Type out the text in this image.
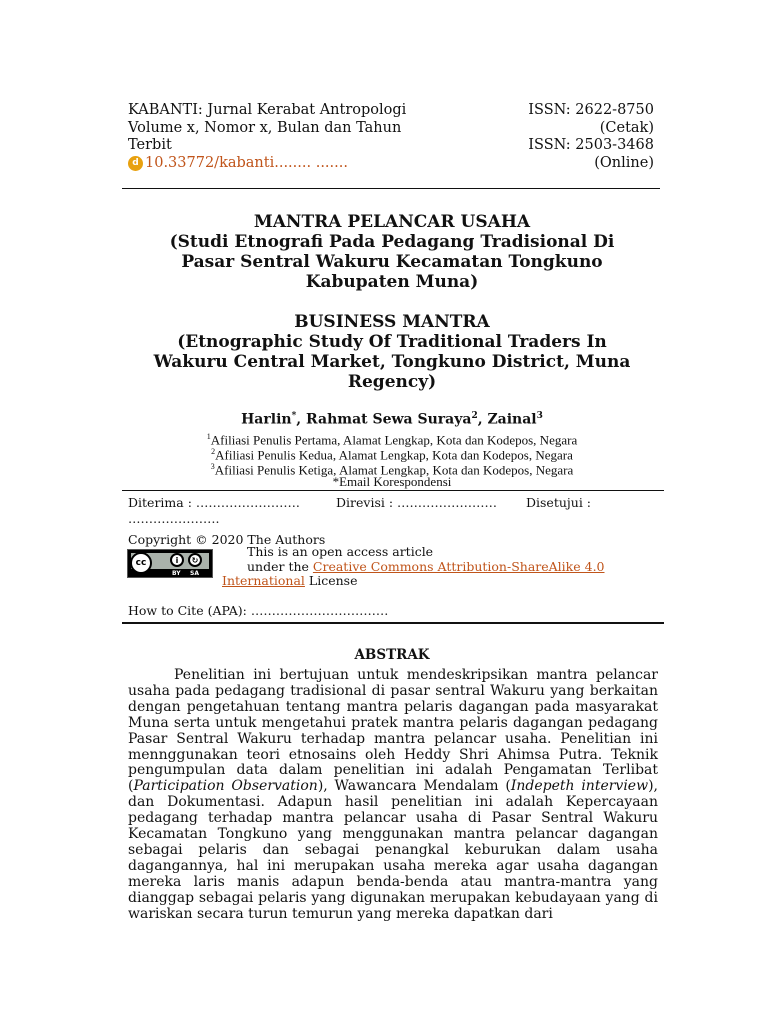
KABANTI: Jurnal Kerabat Antropologi
Volume x, Nomor x, Bulan dan Tahun
Terbit
d 10.33772/kabanti........ .......
ISSN: 2622-8750
(Cetak)
ISSN: 2503-3468
(Online)
MANTRA PELANCAR USAHA
(Studi Etnografi Pada Pedagang Tradisional Di
Pasar Sentral Wakuru Kecamatan Tongkuno
Kabupaten Muna)
BUSINESS MANTRA
(Etnographic Study Of Traditional Traders In
Wakuru Central Market, Tongkuno District, Muna
Regency)
Harlin*, Rahmat Sewa Suraya$^2$, Zainal$^3$
$^1$Afiliasi Penulis Pertama, Alamat Lengkap, Kota dan Kodepos, Negara
$^2$Afiliasi Penulis Kedua, Alamat Lengkap, Kota dan Kodepos, Negara
$^3$Afiliasi Penulis Ketiga, Alamat Lengkap, Kota dan Kodepos, Negara
*Email Korespondensi
Diterima : …………………….	Direvisi : …………………… Disetujui :
………………….
Copyright © 2020 The Authors
cc	i	↻
BY SA
This is an open access article
under the Creative Commons Attribution-ShareAlike 4.0
International License
How to Cite (APA): ……………………………
ABSTRAK
Penelitian ini bertujuan untuk mendeskripsikan mantra pelancar usaha pada pedagang tradisional di pasar sentral Wakuru yang berkaitan dengan pengetahuan tentang mantra pelaris dagangan pada masyarakat Muna serta untuk mengetahui pratek mantra pelaris dagangan pedagang Pasar Sentral Wakuru terhadap mantra pelancar usaha. Penelitian ini mennggunakan teori etnosains oleh Heddy Shri Ahimsa Putra. Teknik pengumpulan data dalam penelitian ini adalah Pengamatan Terlibat (Participation Observation), Wawancara Mendalam (Indepeth interview), dan Dokumentasi. Adapun hasil penelitian ini adalah Kepercayaan pedagang terhadap mantra pelancar usaha di Pasar Sentral Wakuru Kecamatan Tongkuno yang menggunakan mantra pelancar dagangan sebagai pelaris dan sebagai penangkal keburukan dalam usaha dagangannya, hal ini merupakan usaha mereka agar usaha dagangan mereka laris manis adapun benda-benda atau mantra-mantra yang dianggap sebagai pelaris yang digunakan merupakan kebudayaan yang di wariskan secara turun temurun yang mereka dapatkan dari
